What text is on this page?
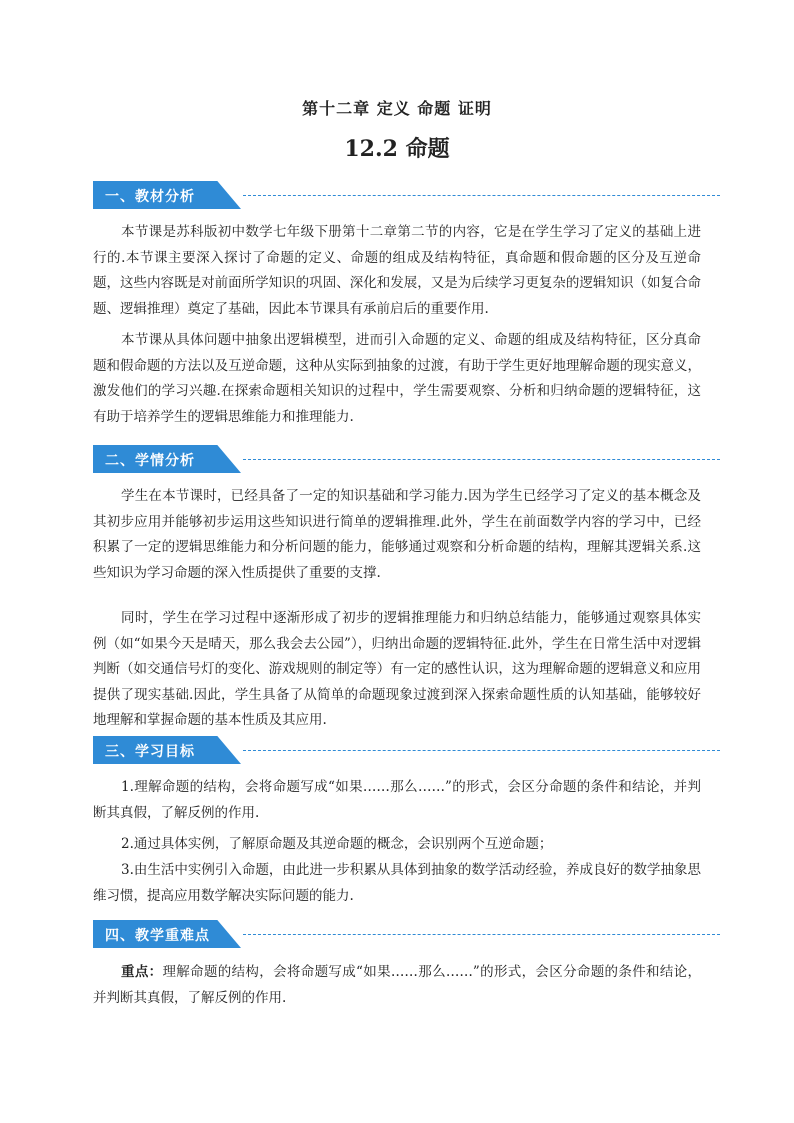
第十二章 定义 命题 证明
12.2 命题
一、教材分析

本节课是苏科版初中数学七年级下册第十二章第二节的内容，它是在学生学习了定义的基础上进行的.本节课主要深入探讨了命题的定义、命题的组成及结构特征，真命题和假命题的区分及互逆命题，这些内容既是对前面所学知识的巩固、深化和发展，又是为后续学习更复杂的逻辑知识（如复合命题、逻辑推理）奠定了基础，因此本节课具有承前启后的重要作用.

本节课从具体问题中抽象出逻辑模型，进而引入命题的定义、命题的组成及结构特征，区分真命题和假命题的方法以及互逆命题，这种从实际到抽象的过渡，有助于学生更好地理解命题的现实意义，激发他们的学习兴趣.在探索命题相关知识的过程中，学生需要观察、分析和归纳命题的逻辑特征，这有助于培养学生的逻辑思维能力和推理能力.

二、学情分析

学生在本节课时，已经具备了一定的知识基础和学习能力.因为学生已经学习了定义的基本概念及其初步应用并能够初步运用这些知识进行简单的逻辑推理.此外，学生在前面数学内容的学习中，已经积累了一定的逻辑思维能力和分析问题的能力，能够通过观察和分析命题的结构，理解其逻辑关系.这些知识为学习命题的深入性质提供了重要的支撑.

同时，学生在学习过程中逐渐形成了初步的逻辑推理能力和归纳总结能力，能够通过观察具体实例（如“如果今天是晴天，那么我会去公园”），归纳出命题的逻辑特征.此外，学生在日常生活中对逻辑判断（如交通信号灯的变化、游戏规则的制定等）有一定的感性认识，这为理解命题的逻辑意义和应用提供了现实基础.因此，学生具备了从简单的命题现象过渡到深入探索命题性质的认知基础，能够较好地理解和掌握命题的基本性质及其应用.

三、学习目标

1.理解命题的结构，会将命题写成“如果……那么……”的形式，会区分命题的条件和结论，并判断其真假，了解反例的作用.

2.通过具体实例，了解原命题及其逆命题的概念，会识别两个互逆命题；

3.由生活中实例引入命题，由此进一步积累从具体到抽象的数学活动经验，养成良好的数学抽象思维习惯，提高应用数学解决实际问题的能力.

四、教学重难点

重点：理解命题的结构，会将命题写成“如果……那么……”的形式，会区分命题的条件和结论，并判断其真假，了解反例的作用.
